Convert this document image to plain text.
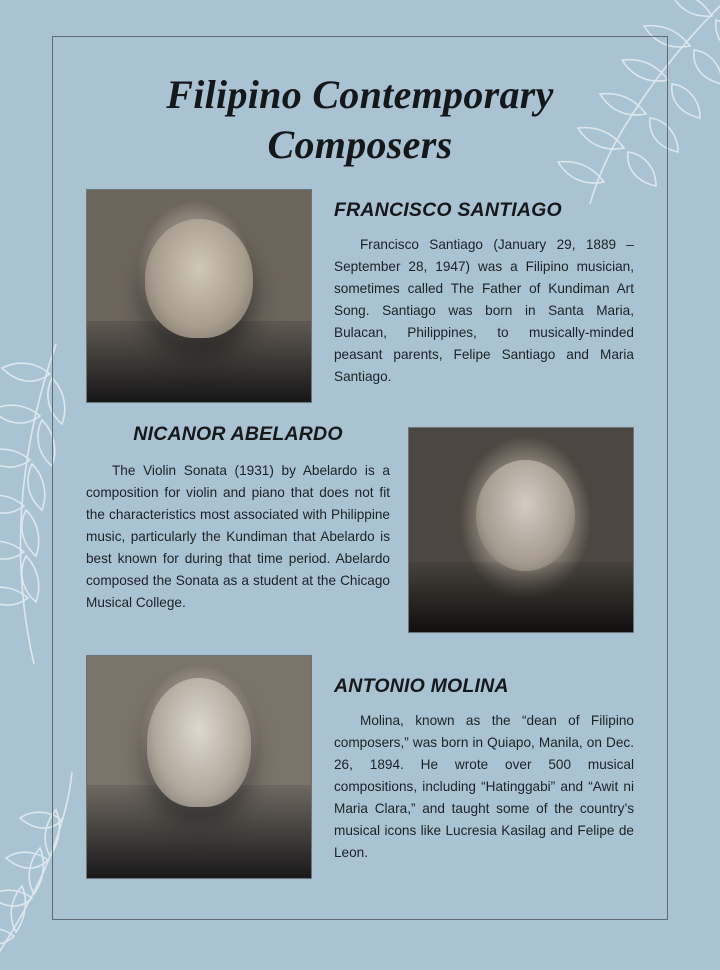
Filipino Contemporary
Composers
FRANCISCO SANTIAGO

Francisco Santiago (January 29, 1889 – September 28, 1947) was a Filipino musician, sometimes called The Father of Kundiman Art Song. Santiago was born in Santa Maria, Bulacan, Philippines, to musically-minded peasant parents, Felipe Santiago and Maria Santiago.

NICANOR ABELARDO

The Violin Sonata (1931) by Abelardo is a composition for violin and piano that does not fit the characteristics most associated with Philippine music, particularly the Kundiman that Abelardo is best known for during that time period. Abelardo composed the Sonata as a student at the Chicago Musical College.

ANTONIO MOLINA

Molina, known as the “dean of Filipino composers,” was born in Quiapo, Manila, on Dec. 26, 1894. He wrote over 500 musical compositions, including “Hatinggabi” and “Awit ni Maria Clara,” and taught some of the country’s musical icons like Lucresia Kasilag and Felipe de Leon.
